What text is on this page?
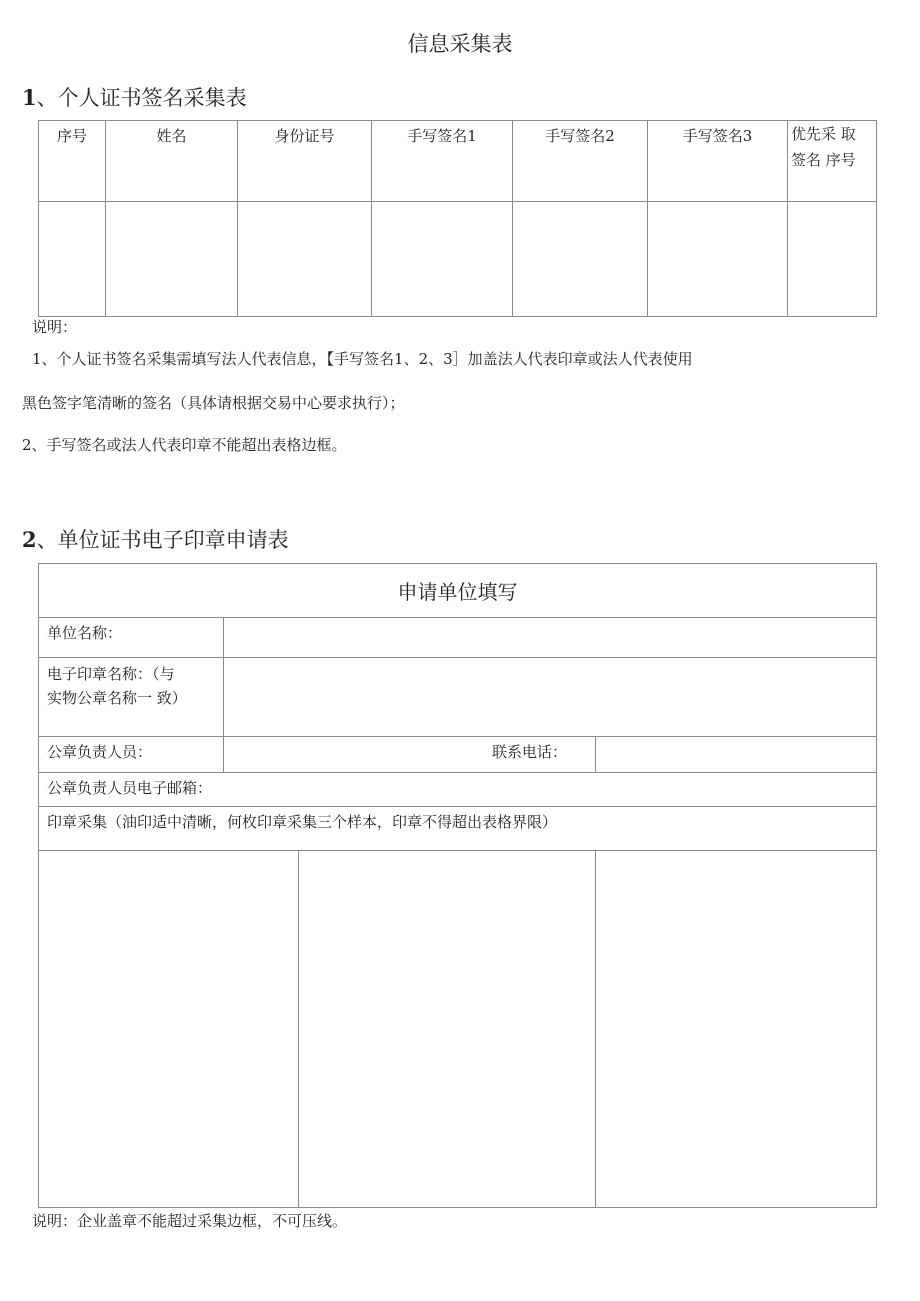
信息采集表
1、个人证书签名采集表
序号	姓名	身份证号	手写签名1	手写签名2	手写签名3	优先采 取
签名 序号

说明：
1、个人证书签名采集需填写法人代表信息，【手写签名1、2、3］加盖法人代表印章或法人代表使用
黑色签字笔清晰的签名（具体请根据交易中心要求执行）；
2、手写签名或法人代表印章不能超出表格边框。
2、单位证书电子印章申请表
申请单位填写			
单位名称：			

电子印章名称：（与
实物公章名称一 致）			

公章负责人员：	联系电话：		
公章负责人员电子邮箱：			
印章采集（油印适中清晰，何枚印章采集三个样本，印章不得超出表格界限）			

说明：企业盖章不能超过采集边框，不可压线。
